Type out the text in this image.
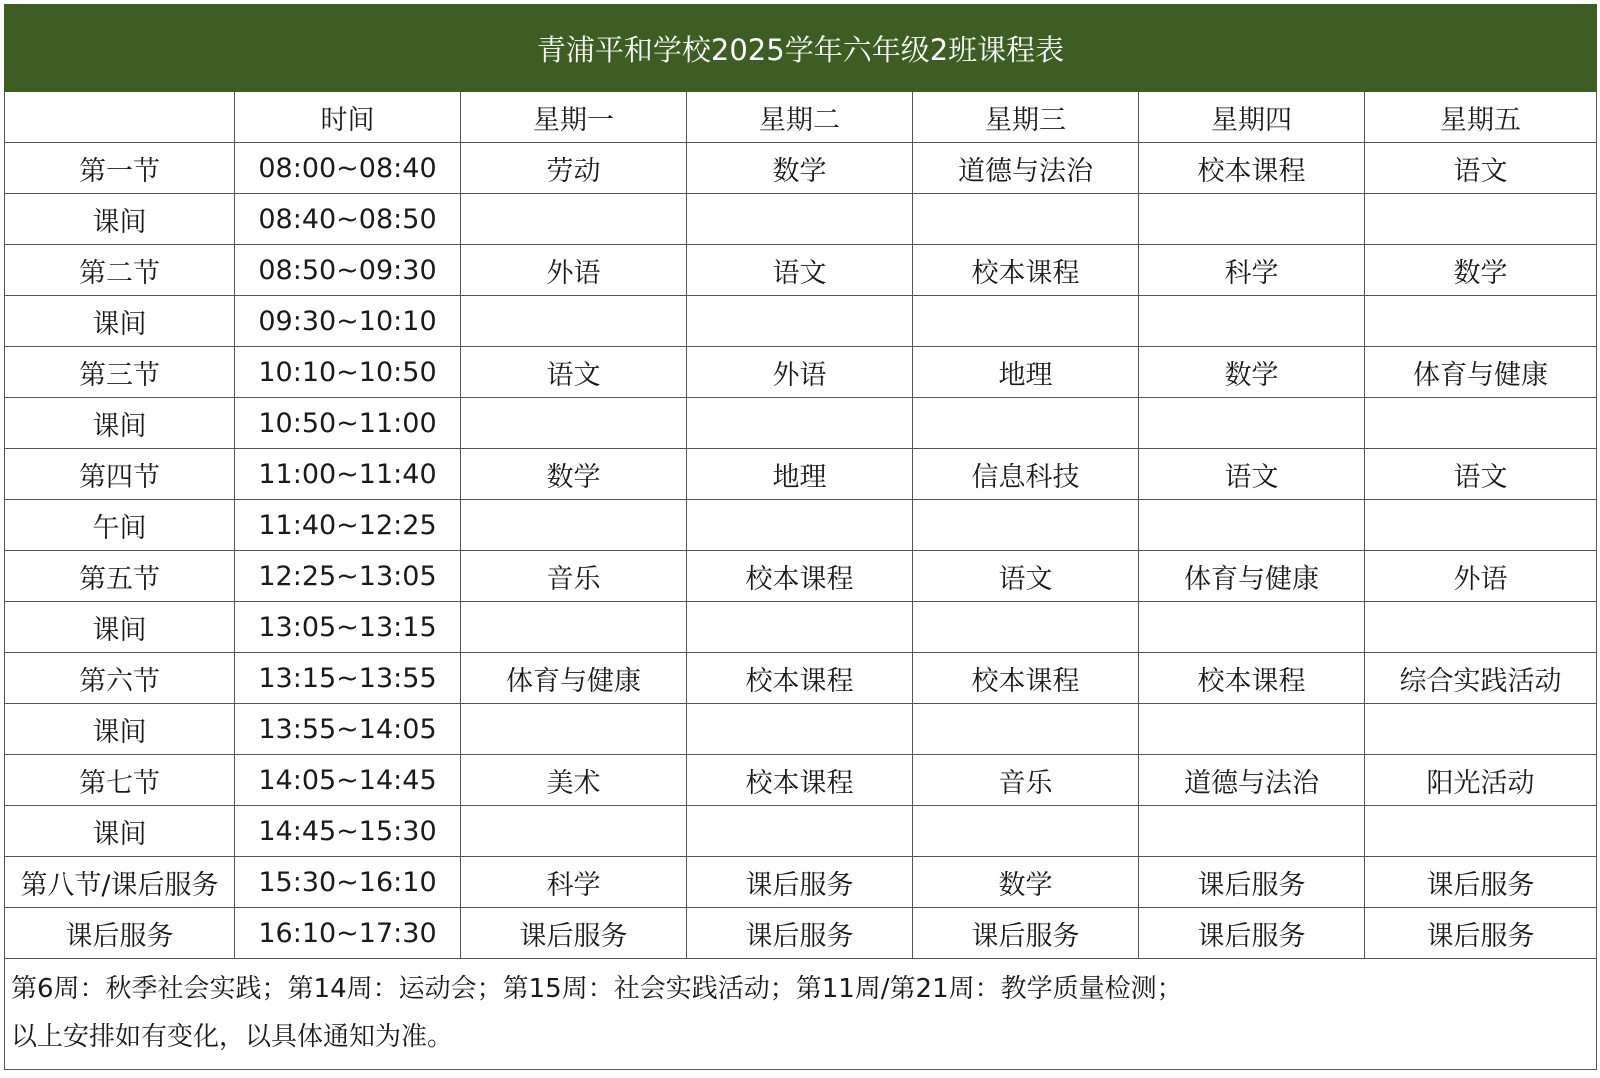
青浦平和学校2025学年六年级2班课程表						
	时间	星期一	星期二	星期三	星期四	星期五
第一节	08:00~08:40	劳动	数学	道德与法治	校本课程	语文
课间	08:40~08:50					
第二节	08:50~09:30	外语	语文	校本课程	科学	数学
课间	09:30~10:10					
第三节	10:10~10:50	语文	外语	地理	数学	体育与健康
课间	10:50~11:00					
第四节	11:00~11:40	数学	地理	信息科技	语文	语文
午间	11:40~12:25					
第五节	12:25~13:05	音乐	校本课程	语文	体育与健康	外语
课间	13:05~13:15					
第六节	13:15~13:55	体育与健康	校本课程	校本课程	校本课程	综合实践活动
课间	13:55~14:05					
第七节	14:05~14:45	美术	校本课程	音乐	道德与法治	阳光活动
课间	14:45~15:30					
第八节/课后服务	15:30~16:10	科学	课后服务	数学	课后服务	课后服务
课后服务	16:10~17:30	课后服务	课后服务	课后服务	课后服务	课后服务

第6周：秋季社会实践；第14周：运动会；第15周：社会实践活动；第11周/第21周：教学质量检测；
以上安排如有变化，以具体通知为准。						
